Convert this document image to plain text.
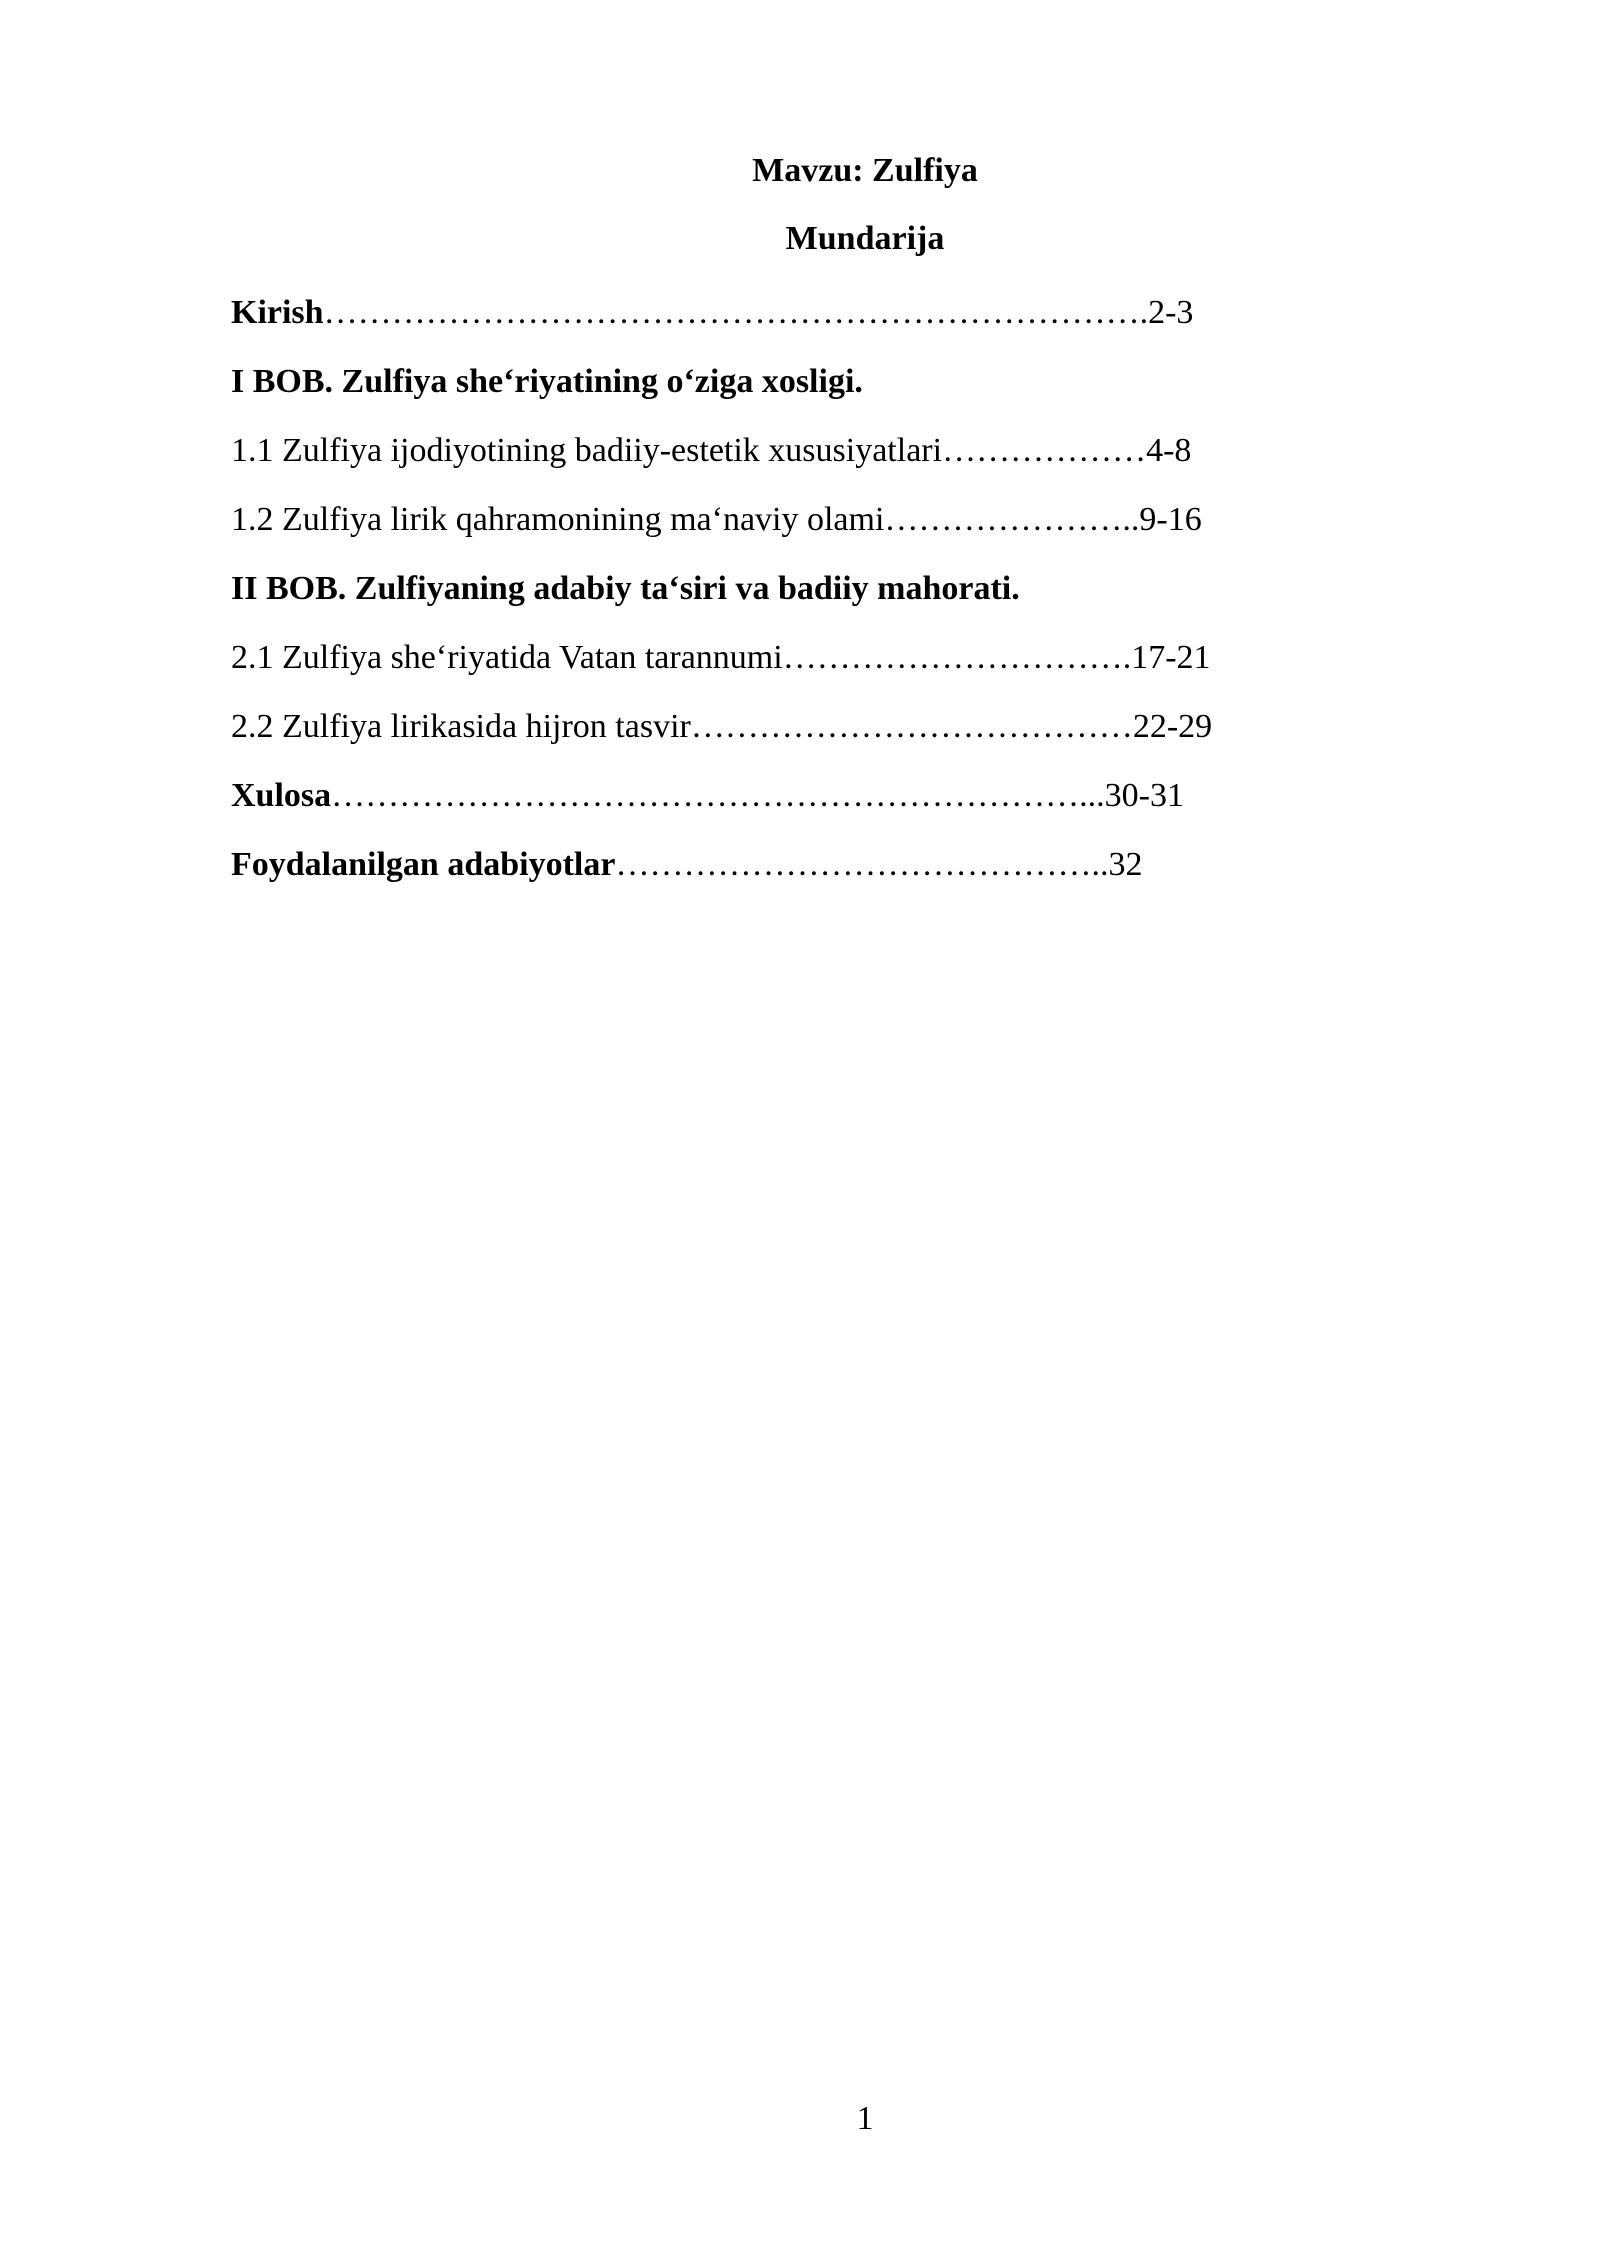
Mavzu: Zulfiya
Mundarija
Kirish……………………………………………………………….2-3
I BOB. Zulfiya she‘riyatining o‘ziga xosligi.
1.1 Zulfiya ijodiyotining badiiy-estetik xususiyatlari………………4-8
1.2 Zulfiya lirik qahramonining ma‘naviy olami…………………..9-16
II BOB. Zulfiyaning adabiy ta‘siri va badiiy mahorati.
2.1 Zulfiya she‘riyatida Vatan tarannumi………………………….17-21
2.2 Zulfiya lirikasida hijron tasvir…………………………………22-29
Xulosa…………………………………………………………...30-31
Foydalanilgan adabiyotlar……………………………………..32
1
